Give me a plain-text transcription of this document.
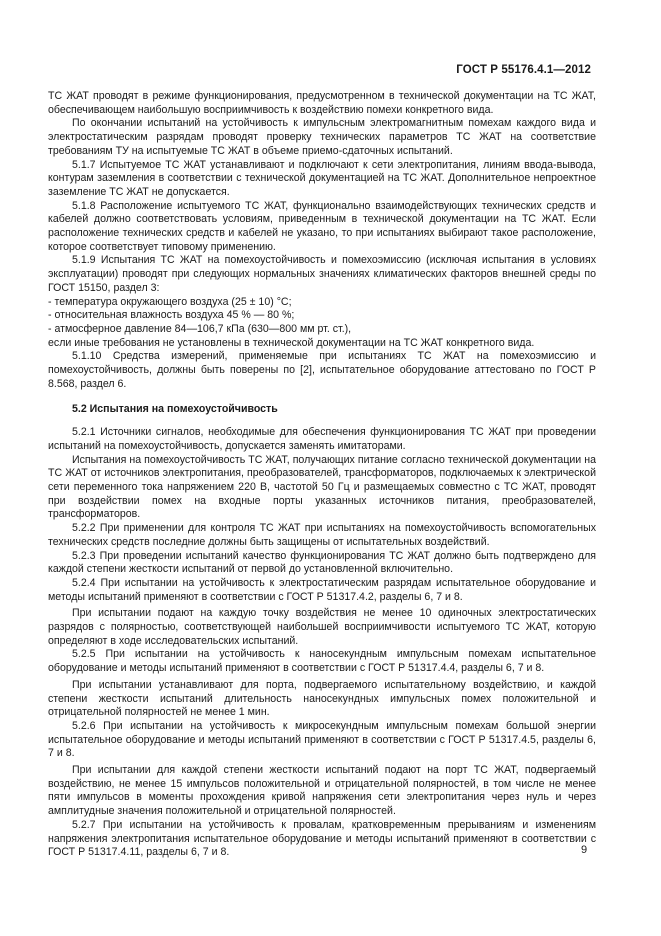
ГОСТ Р 55176.4.1—2012

ТС ЖАТ проводят в режиме функционирования, предусмотренном в технической документации на ТС ЖАТ, обеспечивающем наибольшую восприимчивость к воздействию помехи конкретного вида.

По окончании испытаний на устойчивость к импульсным электромагнитным помехам каждого вида и электростатическим разрядам проводят проверку технических параметров ТС ЖАТ на соответствие требованиям ТУ на испытуемые ТС ЖАТ в объеме приемо-сдаточных испытаний.

5.1.7 Испытуемое ТС ЖАТ устанавливают и подключают к сети электропитания, линиям ввода-вывода, контурам заземления в соответствии с технической документацией на ТС ЖАТ. Дополнительное непроектное заземление ТС ЖАТ не допускается.

5.1.8 Расположение испытуемого ТС ЖАТ, функционально взаимодействующих технических средств и кабелей должно соответствовать условиям, приведенным в технической документации на ТС ЖАТ. Если расположение технических средств и кабелей не указано, то при испытаниях выбирают такое расположение, которое соответствует типовому применению.

5.1.9 Испытания ТС ЖАТ на помехоустойчивость и помехоэмиссию (исключая испытания в условиях эксплуатации) проводят при следующих нормальных значениях климатических факторов внешней среды по ГОСТ 15150, раздел 3:

- температура окружающего воздуха (25 ± 10) °С;

- относительная влажность воздуха 45 % — 80 %;

- атмосферное давление 84—106,7 кПа (630—800 мм рт. ст.),

если иные требования не установлены в технической документации на ТС ЖАТ конкретного вида.

5.1.10 Средства измерений, применяемые при испытаниях ТС ЖАТ на помехоэмиссию и помехоустойчивость, должны быть поверены по [2], испытательное оборудование аттестовано по ГОСТ Р 8.568, раздел 6.

5.2 Испытания на помехоустойчивость

5.2.1 Источники сигналов, необходимые для обеспечения функционирования ТС ЖАТ при проведении испытаний на помехоустойчивость, допускается заменять имитаторами.

Испытания на помехоустойчивость ТС ЖАТ, получающих питание согласно технической документации на ТС ЖАТ от источников электропитания, преобразователей, трансформаторов, подключаемых к электрической сети переменного тока напряжением 220 В, частотой 50 Гц и размещаемых совместно с ТС ЖАТ, проводят при воздействии помех на входные порты указанных источников питания, преобразователей, трансформаторов.

5.2.2 При применении для контроля ТС ЖАТ при испытаниях на помехоустойчивость вспомогательных технических средств последние должны быть защищены от испытательных воздействий.

5.2.3 При проведении испытаний качество функционирования ТС ЖАТ должно быть подтверждено для каждой степени жесткости испытаний от первой до установленной включительно.

5.2.4 При испытании на устойчивость к электростатическим разрядам испытательное оборудование и методы испытаний применяют в соответствии с ГОСТ Р 51317.4.2, разделы 6, 7 и 8.

При испытании подают на каждую точку воздействия не менее 10 одиночных электростатических разрядов с полярностью, соответствующей наибольшей восприимчивости испытуемого ТС ЖАТ, которую определяют в ходе исследовательских испытаний.

5.2.5 При испытании на устойчивость к наносекундным импульсным помехам испытательное оборудование и методы испытаний применяют в соответствии с ГОСТ Р 51317.4.4, разделы 6, 7 и 8.

При испытании устанавливают для порта, подвергаемого испытательному воздействию, и каждой степени жесткости испытаний длительность наносекундных импульсных помех положительной и отрицательной полярностей не менее 1 мин.

5.2.6 При испытании на устойчивость к микросекундным импульсным помехам большой энергии испытательное оборудование и методы испытаний применяют в соответствии с ГОСТ Р 51317.4.5, разделы 6, 7 и 8.

При испытании для каждой степени жесткости испытаний подают на порт ТС ЖАТ, подвергаемый воздействию, не менее 15 импульсов положительной и отрицательной полярностей, в том числе не менее пяти импульсов в моменты прохождения кривой напряжения сети электропитания через нуль и через амплитудные значения положительной и отрицательной полярностей.

5.2.7 При испытании на устойчивость к провалам, кратковременным прерываниям и изменениям напряжения электропитания испытательное оборудование и методы испытаний применяют в соответствии с ГОСТ Р 51317.4.11, разделы 6, 7 и 8.	9
